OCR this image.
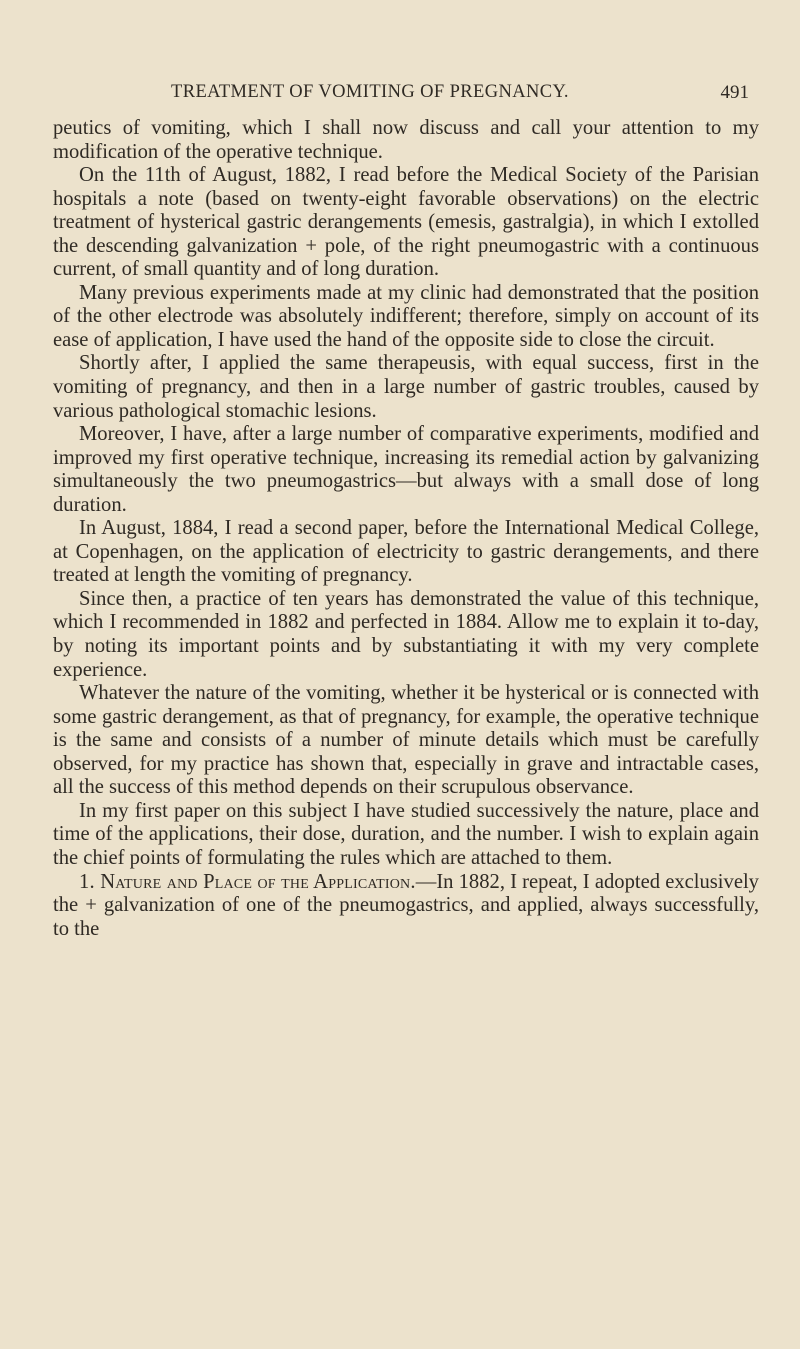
TREATMENT OF VOMITING OF PREGNANCY.	491

peutics of vomiting, which I shall now discuss and call your attention to my modification of the operative technique.

On the 11th of August, 1882, I read before the Medical Society of the Parisian hospitals a note (based on twenty-eight favorable observations) on the electric treatment of hysterical gastric derangements (emesis, gastralgia), in which I extolled the descending galvanization + pole, of the right pneumogastric with a continuous current, of small quantity and of long duration.

Many previous experiments made at my clinic had demonstrated that the position of the other electrode was absolutely indifferent; therefore, simply on account of its ease of application, I have used the hand of the opposite side to close the circuit.

Shortly after, I applied the same therapeusis, with equal success, first in the vomiting of pregnancy, and then in a large number of gastric troubles, caused by various pathological stomachic lesions.

Moreover, I have, after a large number of comparative experiments, modified and improved my first operative technique, increasing its remedial action by galvanizing simultaneously the two pneumogastrics—but always with a small dose of long duration.

In August, 1884, I read a second paper, before the International Medical College, at Copenhagen, on the application of electricity to gastric derangements, and there treated at length the vomiting of pregnancy.

Since then, a practice of ten years has demonstrated the value of this technique, which I recommended in 1882 and perfected in 1884. Allow me to explain it to-day, by noting its important points and by substantiating it with my very complete experience.

Whatever the nature of the vomiting, whether it be hysterical or is connected with some gastric derangement, as that of pregnancy, for example, the operative technique is the same and consists of a number of minute details which must be carefully observed, for my practice has shown that, especially in grave and intractable cases, all the success of this method depends on their scrupulous observance.

In my first paper on this subject I have studied successively the nature, place and time of the applications, their dose, duration, and the number. I wish to explain again the chief points of formulating the rules which are attached to them.

1. Nature and Place of the Application.—In 1882, I repeat, I adopted exclusively the + galvanization of one of the pneumogastrics, and applied, always successfully, to the
